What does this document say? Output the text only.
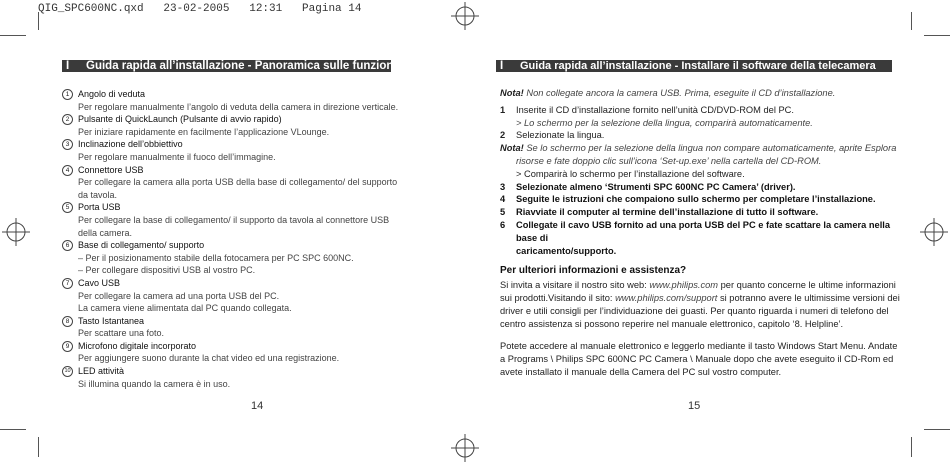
QIG_SPC600NC.qxd   23-02-2005   12:31   Pagina 14
I Guida rapida all’installazione - Panoramica sulle funzioni
1 Angolo di veduta
Per regolare manualmente l’angolo di veduta della camera in direzione verticale.
2 Pulsante di QuickLaunch (Pulsante di avvio rapido)
Per iniziare rapidamente en facilmente l’applicazione VLounge.
3 Inclinazione dell’obbiettivo
Per regolare manualmente il fuoco dell’immagine.
4 Connettore USB
Per collegare la camera alla porta USB della base di collegamento/ del supporto da tavola.
5 Porta USB
Per collegare la base di collegamento/ il supporto da tavola al connettore USB della camera.
6 Base di collegamento/ supporto
– Per il posizionamento stabile della fotocamera per PC SPC 600NC.
– Per collegare dispositivi USB al vostro PC.
7 Cavo USB
Per collegare la camera ad una porta USB del PC.
La camera viene alimentata dal PC quando collegata.
8 Tasto Istantanea
Per scattare una foto.
9 Microfono digitale incorporato
Per aggiungere suono durante la chat video ed una registrazione.
10 LED attività
Si illumina quando la camera è in uso.
14
I Guida rapida all’installazione - Installare il software della telecamera
Nota! Non collegate ancora la camera USB. Prima, eseguite il CD d’installazione.
1 Inserite il CD d’installazione fornito nell’unità CD/DVD-ROM del PC.
> Lo schermo per la selezione della lingua, comparirà automaticamente.
2 Selezionate la lingua.
Nota! Se lo schermo per la selezione della lingua non compare automaticamente, aprite Esplora
risorse e fate doppio clic sull’icona ‘Set-up.exe’ nella cartella del CD-ROM.
> Comparirà lo schermo per l’installazione del software.
3 Selezionate almeno ‘Strumenti SPC 600NC PC Camera’ (driver).
4 Seguite le istruzioni che compaiono sullo schermo per completare l’installazione.
5 Riavviate il computer al termine dell’installazione di tutto il software.
6 Collegate il cavo USB fornito ad una porta USB del PC e fate scattare la camera nella base di
caricamento/supporto.
Per ulteriori informazioni e assistenza?
Si invita a visitare il nostro sito web: www.philips.com per quanto concerne le ultime informazioni sui prodotti.Visitando il sito: www.philips.com/support si potranno avere le ultimissime versioni dei driver e utili consigli per l’individuazione dei guasti. Per quanto riguarda i numeri di telefono del centro assistenza si possono reperire nel manuale elettronico, capitolo ‘8. Helpline’.
Potete accedere al manuale elettronico e leggerlo mediante il tasto Windows Start Menu. Andate a Programs \ Philips SPC 600NC PC Camera \ Manuale dopo che avete eseguito il CD-Rom ed avete installato il manuale della Camera del PC sul vostro computer.
15
